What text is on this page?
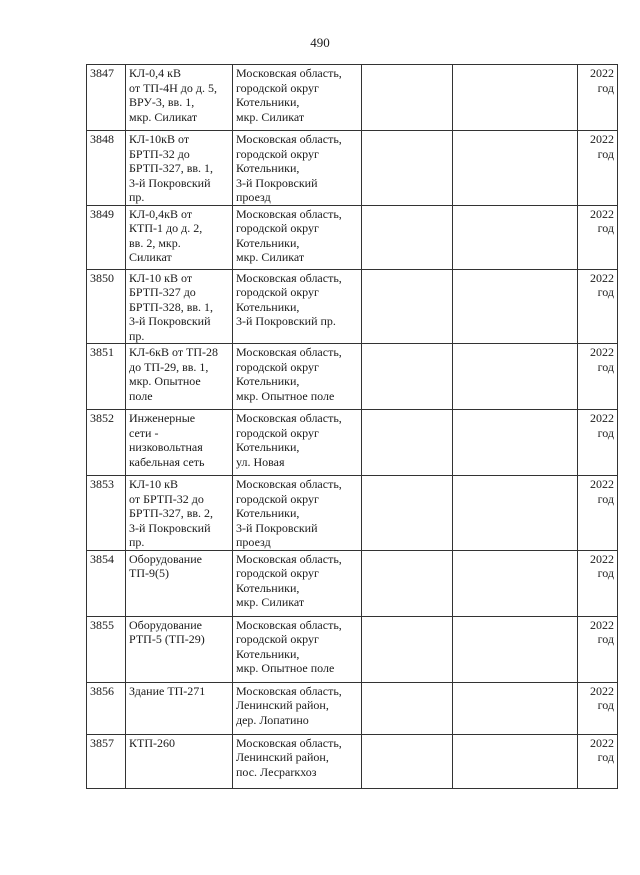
490
3847	КЛ-0,4 кВ
от ТП-4Н до д. 5,
ВРУ-3, вв. 1,
мкр. Силикат	Московская область,
городской округ
Котельники,
мкр. Силикат			2022
год

3848	КЛ-10кВ от
БРТП-32 до
БРТП-327, вв. 1,
3-й Покровский
пр.	Московская область,
городской округ
Котельники,
3-й Покровский
проезд			2022
год

3849	КЛ-0,4кВ от
КТП-1 до д. 2,
вв. 2, мкр.
Силикат	Московская область,
городской округ
Котельники,
мкр. Силикат			2022
год

3850	КЛ-10 кВ от
БРТП-327 до
БРТП-328, вв. 1,
3-й Покровский
пр.	Московская область,
городской округ
Котельники,
3-й Покровский пр.			2022
год

3851	КЛ-6кВ от ТП-28
до ТП-29, вв. 1,
мкр. Опытное
поле	Московская область,
городской округ
Котельники,
мкр. Опытное поле			2022
год

3852	Инженерные
сети -
низковольтная
кабельная сеть	Московская область,
городской округ
Котельники,
ул. Новая			2022
год

3853	КЛ-10 кВ
от БРТП-32 до
БРТП-327, вв. 2,
3-й Покровский
пр.	Московская область,
городской округ
Котельники,
3-й Покровский
проезд			2022
год

3854	Оборудование
ТП-9(5)	Московская область,
городской округ
Котельники,
мкр. Силикат			2022
год

3855	Оборудование
РТП-5 (ТП-29)	Московская область,
городской округ
Котельники,
мкр. Опытное поле			2022
год

3856	Здание ТП-271	Московская область,
Ленинский район,
дер. Лопатино			2022
год

3857	КТП-260	Московская область,
Ленинский район,
пос. Лесparкхоз			2022
год
